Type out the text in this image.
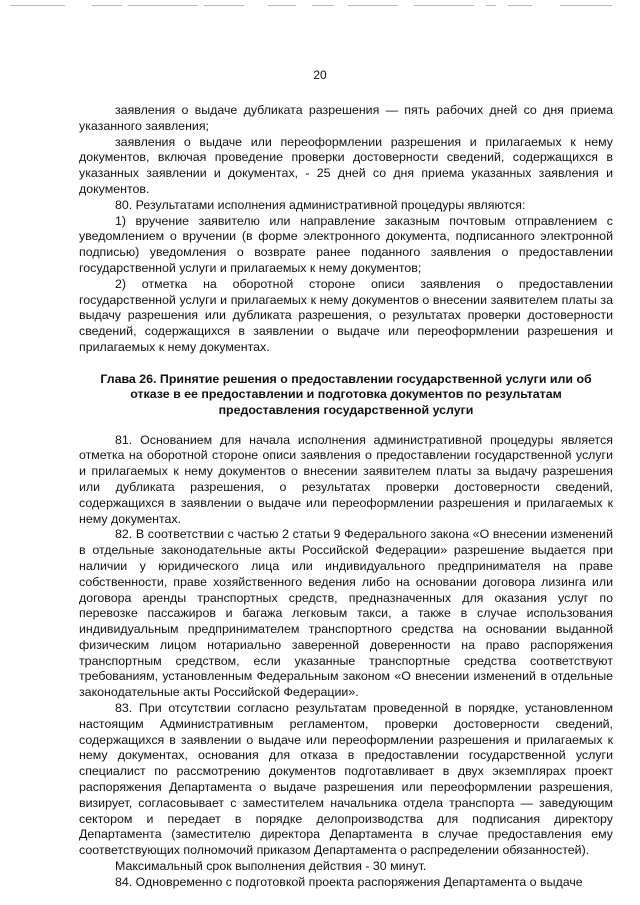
20

заявления о выдаче дубликата разрешения — пять рабочих дней со дня приема указанного заявления;

заявления о выдаче или переоформлении разрешения и прилагаемых к нему документов, включая проведение проверки достоверности сведений, содержащихся в указанных заявлении и документах, - 25 дней со дня приема указанных заявления и документов.

80. Результатами исполнения административной процедуры являются:

1) вручение заявителю или направление заказным почтовым отправлением с уведомлением о вручении (в форме электронного документа, подписанного электронной подписью) уведомления о возврате ранее поданного заявления о предоставлении государственной услуги и прилагаемых к нему документов;

2) отметка на оборотной стороне описи заявления о предоставлении государственной услуги и прилагаемых к нему документов о внесении заявителем платы за выдачу разрешения или дубликата разрешения, о результатах проверки достоверности сведений, содержащихся в заявлении о выдаче или переоформлении разрешения и прилагаемых к нему документах.

Глава 26. Принятие решения о предоставлении государственной услуги или об отказе в ее предоставлении и подготовка документов по результатам предоставления государственной услуги

81. Основанием для начала исполнения административной процедуры является отметка на оборотной стороне описи заявления о предоставлении государственной услуги и прилагаемых к нему документов о внесении заявителем платы за выдачу разрешения или дубликата разрешения, о результатах проверки достоверности сведений, содержащихся в заявлении о выдаче или переоформлении разрешения и прилагаемых к нему документах.

82. В соответствии с частью 2 статьи 9 Федерального закона «О внесении изменений в отдельные законодательные акты Российской Федерации» разрешение выдается при наличии у юридического лица или индивидуального предпринимателя на праве собственности, праве хозяйственного ведения либо на основании договора лизинга или договора аренды транспортных средств, предназначенных для оказания услуг по перевозке пассажиров и багажа легковым такси, а также в случае использования индивидуальным предпринимателем транспортного средства на основании выданной физическим лицом нотариально заверенной доверенности на право распоряжения транспортным средством, если указанные транспортные средства соответствуют требованиям, установленным Федеральным законом «О внесении изменений в отдельные законодательные акты Российской Федерации».

83. При отсутствии согласно результатам проведенной в порядке, установленном настоящим Административным регламентом, проверки достоверности сведений, содержащихся в заявлении о выдаче или переоформлении разрешения и прилагаемых к нему документах, основания для отказа в предоставлении государственной услуги специалист по рассмотрению документов подготавливает в двух экземплярах проект распоряжения Департамента о выдаче разрешения или переоформлении разрешения, визирует, согласовывает с заместителем начальника отдела транспорта — заведующим сектором и передает в порядке делопроизводства для подписания директору Департамента (заместителю директора Департамента в случае предоставления ему соответствующих полномочий приказом Департамента о распределении обязанностей).

Максимальный срок выполнения действия - 30 минут.

84. Одновременно с подготовкой проекта распоряжения Департамента о выдаче
